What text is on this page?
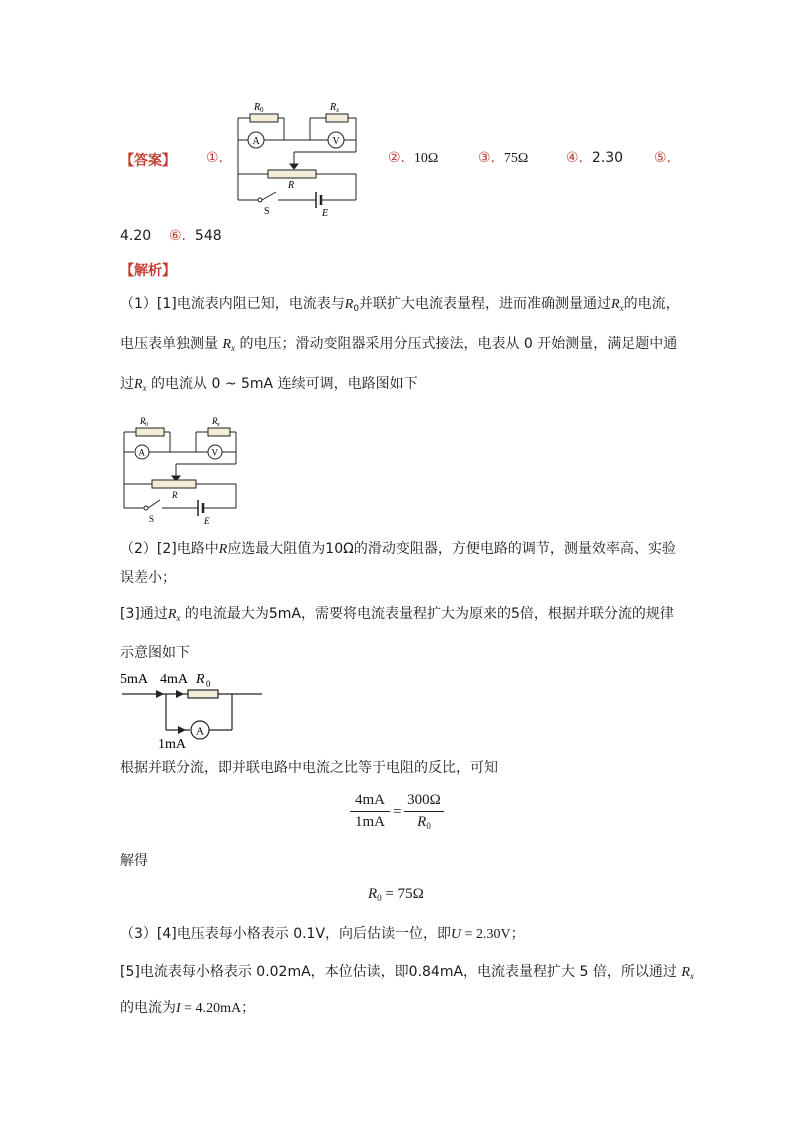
【答案】 ①.
R 0	R x
A	V
R
S	E
②. 10Ω	③. 75Ω	④. 2.30 ⑤.
4.20 ⑥. 548
【解析】
（1）[1]电流表内阻已知，电流表与$R_0$并联扩大电流表量程，进而准确测量通过$R_x$的电流，
电压表单独测量 $R_x$ 的电压；滑动变阻器采用分压式接法，电表从 0 开始测量，满足题中通
过$R_x$ 的电流从 0 ~ 5mA 连续可调，电路图如下
R 0	R x
A	V
R
S	E
（2）[2]电路中R应选最大阻值为10Ω的滑动变阻器，方便电路的调节，测量效率高、实验
误差小；
[3]通过$R_x$ 的电流最大为5mA，需要将电流表量程扩大为原来的5倍，根据并联分流的规律
示意图如下
5mA 4mA R 0
A
1mA
根据并联分流，即并联电路中电流之比等于电阻的反比，可知
4mA
1mA
=
300Ω
$R_0$
解得
$R_0 = 75\Omega$
（3）[4]电压表每小格表示 0.1V，向后估读一位，即U = 2.30V；
[5]电流表每小格表示 0.02mA，本位估读，即0.84mA，电流表量程扩大 5 倍，所以通过 $R_x$
的电流为I = 4.20mA；
